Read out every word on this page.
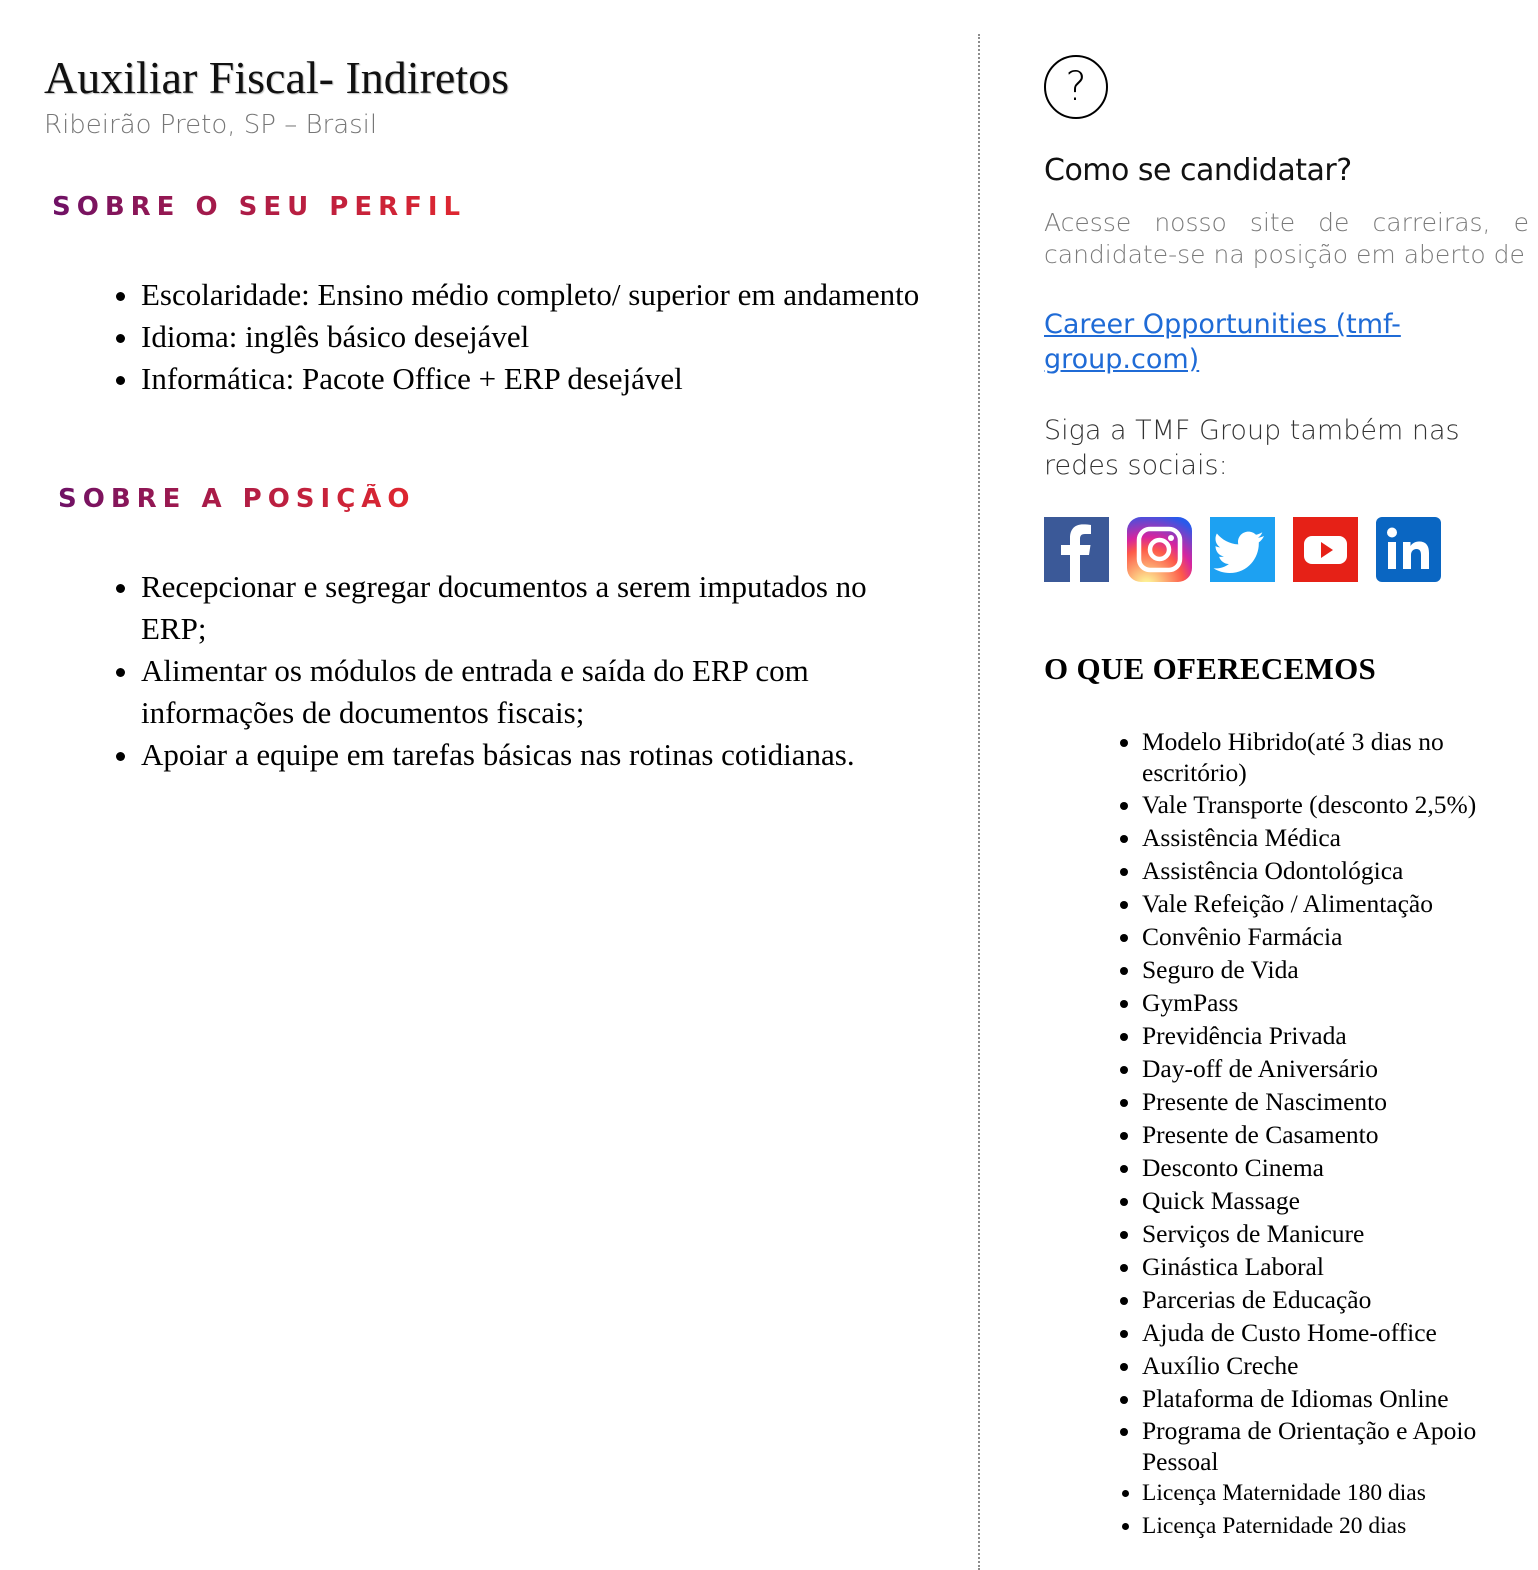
Auxiliar Fiscal- Indiretos
Ribeirão Preto, SP – Brasil
SOBRE O SEU PERFIL
• Escolaridade: Ensino médio completo/ superior em andamento
• Idioma: inglês básico desejável
• Informática: Pacote Office + ERP desejável
SOBRE A POSIÇÃO
• Recepcionar e segregar documentos a serem imputados no ERP;
• Alimentar os módulos de entrada e saída do ERP com informações de documentos fiscais;
• Apoiar a equipe em tarefas básicas nas rotinas cotidianas.
?
Como se candidatar?
Acesse nosso site de carreiras, e candidate-se na posição em aberto de
Career Opportunities (tmf-group.com)
Siga a TMF Group também nas redes sociais:
O QUE OFERECEMOS
• Modelo Hibrido(até 3 dias no escritório)
• Vale Transporte (desconto 2,5%)
• Assistência Médica
• Assistência Odontológica
• Vale Refeição / Alimentação
• Convênio Farmácia
• Seguro de Vida
• GymPass
• Previdência Privada
• Day-off de Aniversário
• Presente de Nascimento
• Presente de Casamento
• Desconto Cinema
• Quick Massage
• Serviços de Manicure
• Ginástica Laboral
• Parcerias de Educação
• Ajuda de Custo Home-office
• Auxílio Creche
• Plataforma de Idiomas Online
• Programa de Orientação e Apoio Pessoal
• Licença Maternidade 180 dias
• Licença Paternidade 20 dias
